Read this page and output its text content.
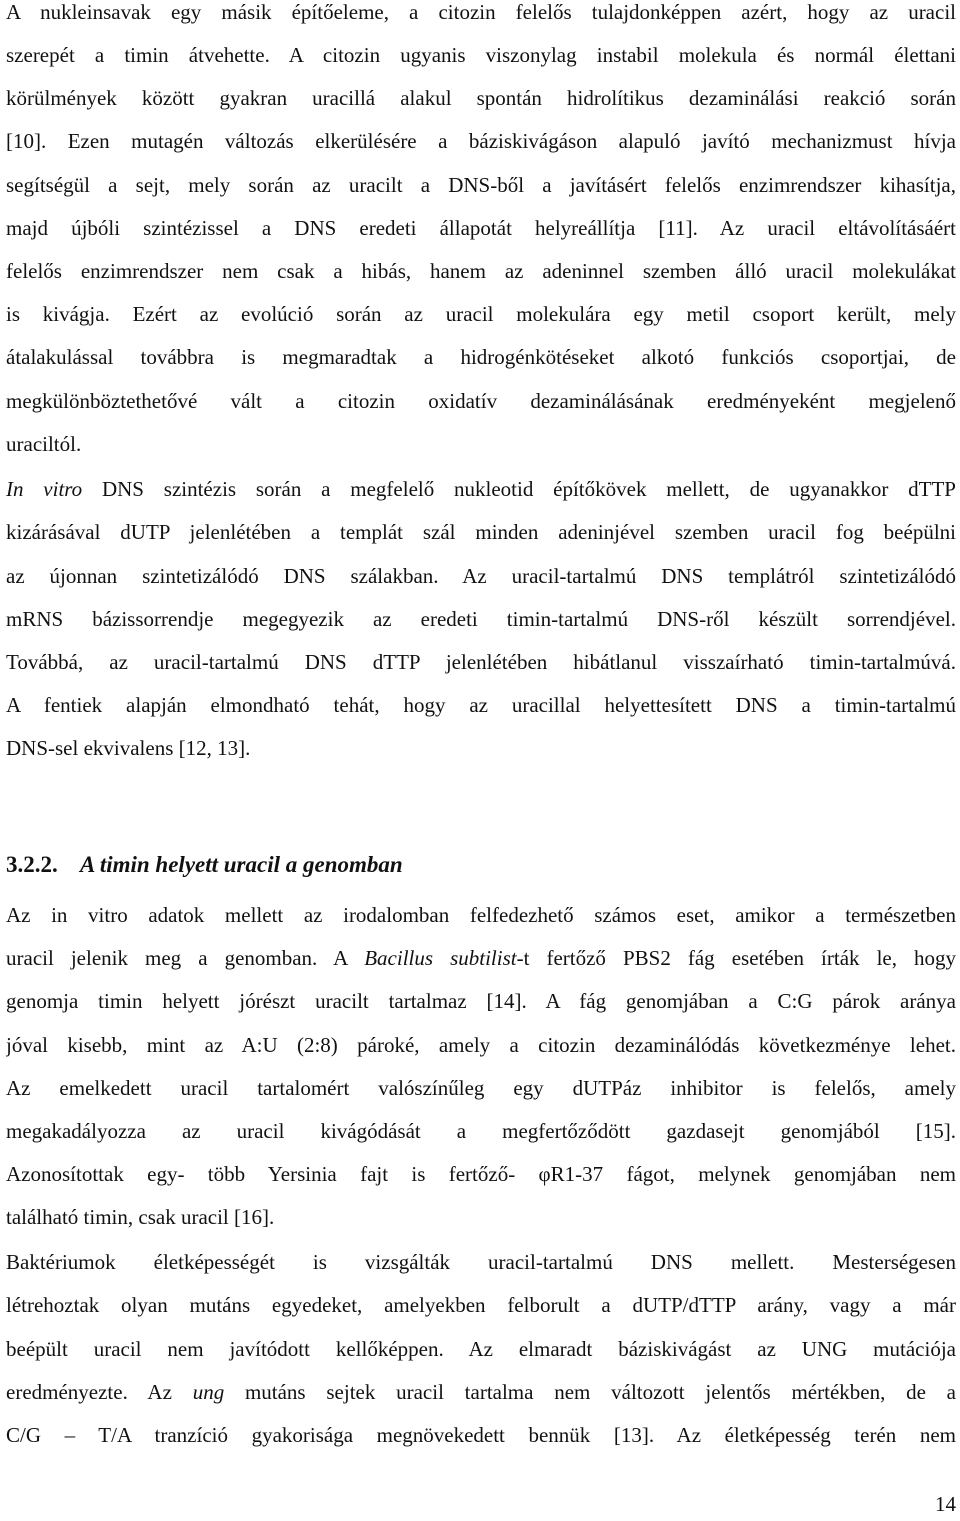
A nukleinsavak egy másik építőeleme, a citozin felelős tulajdonképpen azért, hogy az uracil
szerepét a timin átvehette. A citozin ugyanis viszonylag instabil molekula és normál élettani
körülmények között gyakran uracillá alakul spontán hidrolítikus dezaminálási reakció során
[10]. Ezen mutagén változás elkerülésére a báziskivágáson alapuló javító mechanizmust hívja
segítségül a sejt, mely során az uracilt a DNS-ből a javításért felelős enzimrendszer kihasítja,
majd újbóli szintézissel a DNS eredeti állapotát helyreállítja [11]. Az uracil eltávolításáért
felelős enzimrendszer nem csak a hibás, hanem az adeninnel szemben álló uracil molekulákat
is kivágja. Ezért az evolúció során az uracil molekulára egy metil csoport került, mely
átalakulással továbbra is megmaradtak a hidrogénkötéseket alkotó funkciós csoportjai, de
megkülönböztethetővé vált a citozin oxidatív dezaminálásának eredményeként megjelenő
uraciltól.
In vitro DNS szintézis során a megfelelő nukleotid építőkövek mellett, de ugyanakkor dTTP
kizárásával dUTP jelenlétében a templát szál minden adeninjével szemben uracil fog beépülni
az újonnan szintetizálódó DNS szálakban. Az uracil-tartalmú DNS templátról szintetizálódó
mRNS bázissorrendje megegyezik az eredeti timin-tartalmú DNS-ről készült sorrendjével.
Továbbá, az uracil-tartalmú DNS dTTP jelenlétében hibátlanul visszaírható timin-tartalmúvá.
A fentiek alapján elmondható tehát, hogy az uracillal helyettesített DNS a timin-tartalmú
DNS-sel ekvivalens [12, 13].
3.2.2. A timin helyett uracil a genomban
Az in vitro adatok mellett az irodalomban felfedezhető számos eset, amikor a természetben
uracil jelenik meg a genomban. A Bacillus subtilist-t fertőző PBS2 fág esetében írták le, hogy
genomja timin helyett jórészt uracilt tartalmaz [14]. A fág genomjában a C:G párok aránya
jóval kisebb, mint az A:U (2:8) pároké, amely a citozin dezaminálódás következménye lehet.
Az emelkedett uracil tartalomért valószínűleg egy dUTPáz inhibitor is felelős, amely
megakadályozza az uracil kivágódását a megfertőződött gazdasejt genomjából [15].
Azonosítottak egy- több Yersinia fajt is fertőző- φR1-37 fágot, melynek genomjában nem
található timin, csak uracil [16].
Baktériumok életképességét is vizsgálták uracil-tartalmú DNS mellett. Mesterségesen
létrehoztak olyan mutáns egyedeket, amelyekben felborult a dUTP/dTTP arány, vagy a már
beépült uracil nem javítódott kellőképpen. Az elmaradt báziskivágást az UNG mutációja
eredményezte. Az ung mutáns sejtek uracil tartalma nem változott jelentős mértékben, de a
C/G – T/A tranzíció gyakorisága megnövekedett bennük [13]. Az életképesség terén nem
14
